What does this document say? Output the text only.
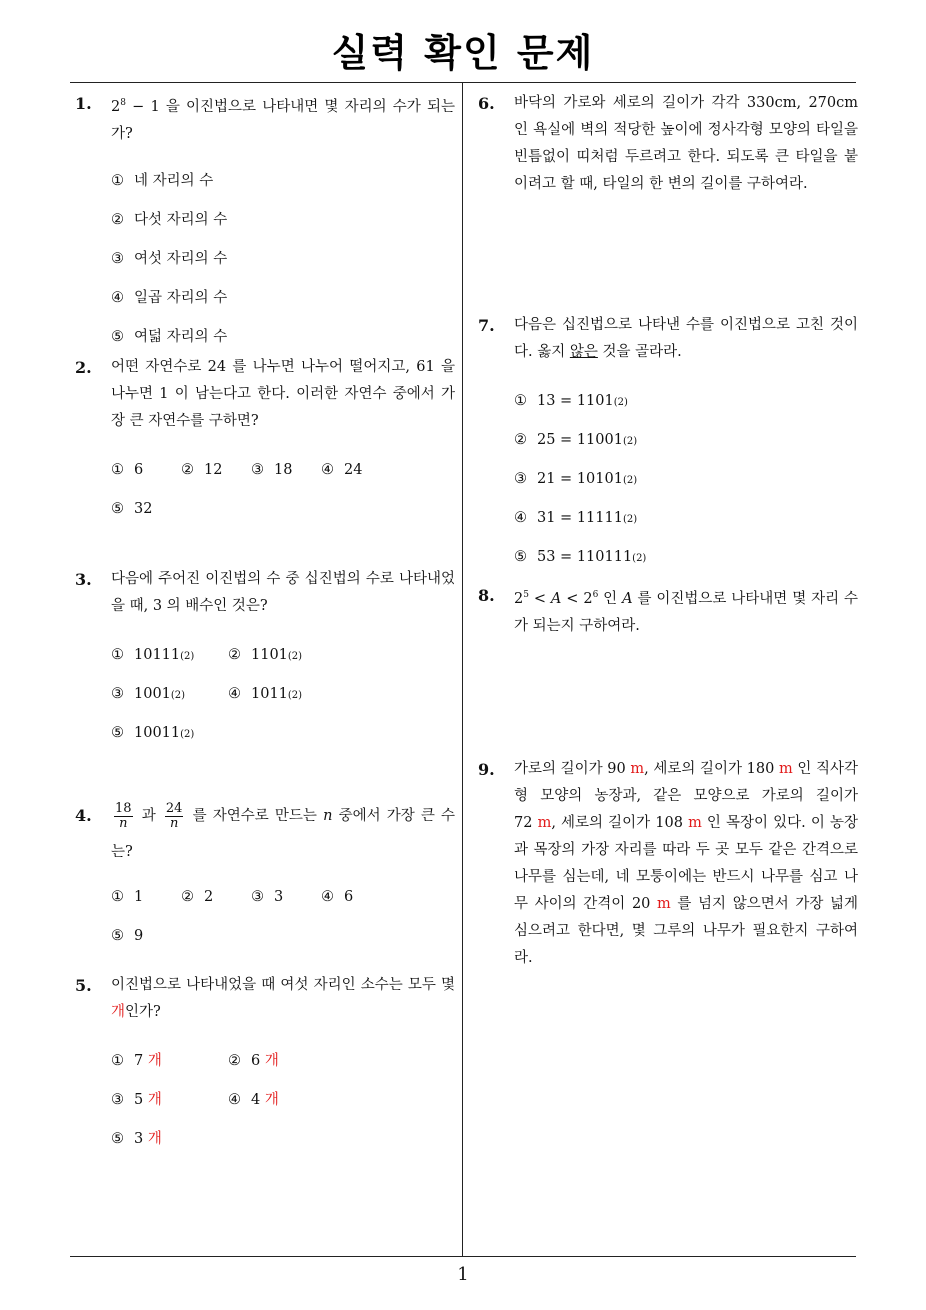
실력 확인 문제
1. $2^8 - 1$ 을 이진법으로 나타내면 몇 자리의 수가 되는가?
① 네 자리의 수
② 다섯 자리의 수
③ 여섯 자리의 수
④ 일곱 자리의 수
⑤ 여덟 자리의 수
2. 어떤 자연수로 24 를 나누면 나누어 떨어지고, 61 을 나누면 1 이 남는다고 한다. 이러한 자연수 중에서 가장 큰 자연수를 구하면?
① 6	② 12 ③ 18 ④ 24
⑤ 32
3. 다음에 주어진 이진법의 수 중 십진법의 수로 나타내었을 때, 3 의 배수인 것은?
① 10111 (2) ② 1101 (2)
③ 1001 (2)	④ 1011 (2)
⑤ 10011 (2)
4. $\frac{18}{n}$ 과 $\frac{24}{n}$ 를 자연수로 만드는 n 중에서 가장 큰 수는?
① 1	② 2	③ 3	④ 6
⑤ 9
5. 이진법으로 나타내었을 때 여섯 자리인 소수는 모두 몇 개인가?
① 7
개	② 6
개
③ 5
개	④ 4
개
⑤ 3
개
6. 바닥의 가로와 세로의 길이가 각각 330cm, 270cm 인 욕실에 벽의 적당한 높이에 정사각형 모양의 타일을 빈틈없이 띠처럼 두르려고 한다. 되도록 큰 타일을 붙이려고 할 때, 타일의 한 변의 길이를 구하여라.
7. 다음은 십진법으로 나타낸 수를 이진법으로 고친 것이다. 옳지 않은 것을 골라라.
① 13 = 1101 (2)
② 25 = 11001 (2)
③ 21 = 10101 (2)
④ 31 = 11111 (2)
⑤ 53 = 110111 (2)
8. $2^5 < A < 2^6$ 인 A 를 이진법으로 나타내면 몇 자리 수가 되는지 구하여라.
9. 가로의 길이가 90 m, 세로의 길이가 180 m 인 직사각형 모양의 농장과, 같은 모양으로 가로의 길이가 72 m, 세로의 길이가 108 m 인 목장이 있다. 이 농장과 목장의 가장 자리를 따라 두 곳 모두 같은 간격으로 나무를 심는데, 네 모퉁이에는 반드시 나무를 심고 나무 사이의 간격이 20 m 를 넘지 않으면서 가장 넓게 심으려고 한다면, 몇 그루의 나무가 필요한지 구하여라.
1
